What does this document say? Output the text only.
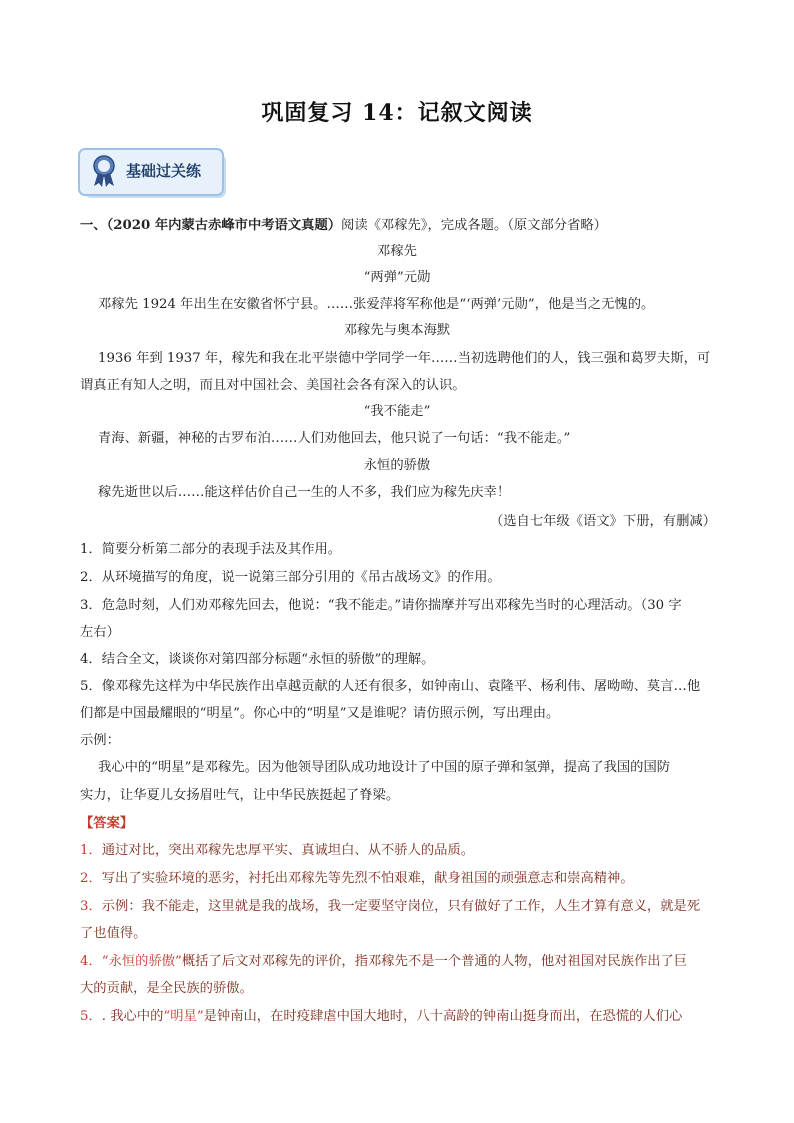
巩固复习 14：记叙文阅读
基础过关练
一、（2020 年内蒙古赤峰市中考语文真题）阅读《邓稼先》，完成各题。（原文部分省略）
邓稼先
“两弹”元勋
邓稼先 1924 年出生在安徽省怀宁县。……张爱萍将军称他是“‘两弹’元勋”，他是当之无愧的。
邓稼先与奥本海默
1936 年到 1937 年，稼先和我在北平崇德中学同学一年……当初选聘他们的人，钱三强和葛罗夫斯，可
谓真正有知人之明，而且对中国社会、美国社会各有深入的认识。
“我不能走”
青海、新疆，神秘的古罗布泊……人们劝他回去，他只说了一句话：“我不能走。”
永恒的骄傲
稼先逝世以后……能这样估价自己一生的人不多，我们应为稼先庆幸！
（选自七年级《语文》下册，有删减）
1．简要分析第二部分的表现手法及其作用。
2．从环境描写的角度，说一说第三部分引用的《吊古战场文》的作用。
3．危急时刻，人们劝邓稼先回去，他说：“我不能走。”请你揣摩并写出邓稼先当时的心理活动。（30 字
左右）
4．结合全文，谈谈你对第四部分标题“永恒的骄傲”的理解。
5．像邓稼先这样为中华民族作出卓越贡献的人还有很多，如钟南山、袁隆平、杨利伟、屠呦呦、莫言…他
们都是中国最耀眼的“明星”。你心中的“明星”又是谁呢？请仿照示例，写出理由。
示例：
我心中的“明星”是邓稼先。因为他领导团队成功地设计了中国的原子弹和氢弹，提高了我国的国防
实力，让华夏儿女扬眉吐气，让中华民族挺起了脊梁。
【答案】
1．通过对比，突出邓稼先忠厚平实、真诚坦白、从不骄人的品质。
2．写出了实验环境的恶劣，衬托出邓稼先等先烈不怕艰难，献身祖国的顽强意志和崇高精神。
3．示例：我不能走，这里就是我的战场，我一定要坚守岗位，只有做好了工作，人生才算有意义，就是死
了也值得。
4．“永恒的骄傲”概括了后文对邓稼先的评价，指邓稼先不是一个普通的人物，他对祖国对民族作出了巨
大的贡献，是全民族的骄傲。
5．. 我心中的“明星”是钟南山，在时疫肆虐中国大地时，八十高龄的钟南山挺身而出，在恐慌的人们心
